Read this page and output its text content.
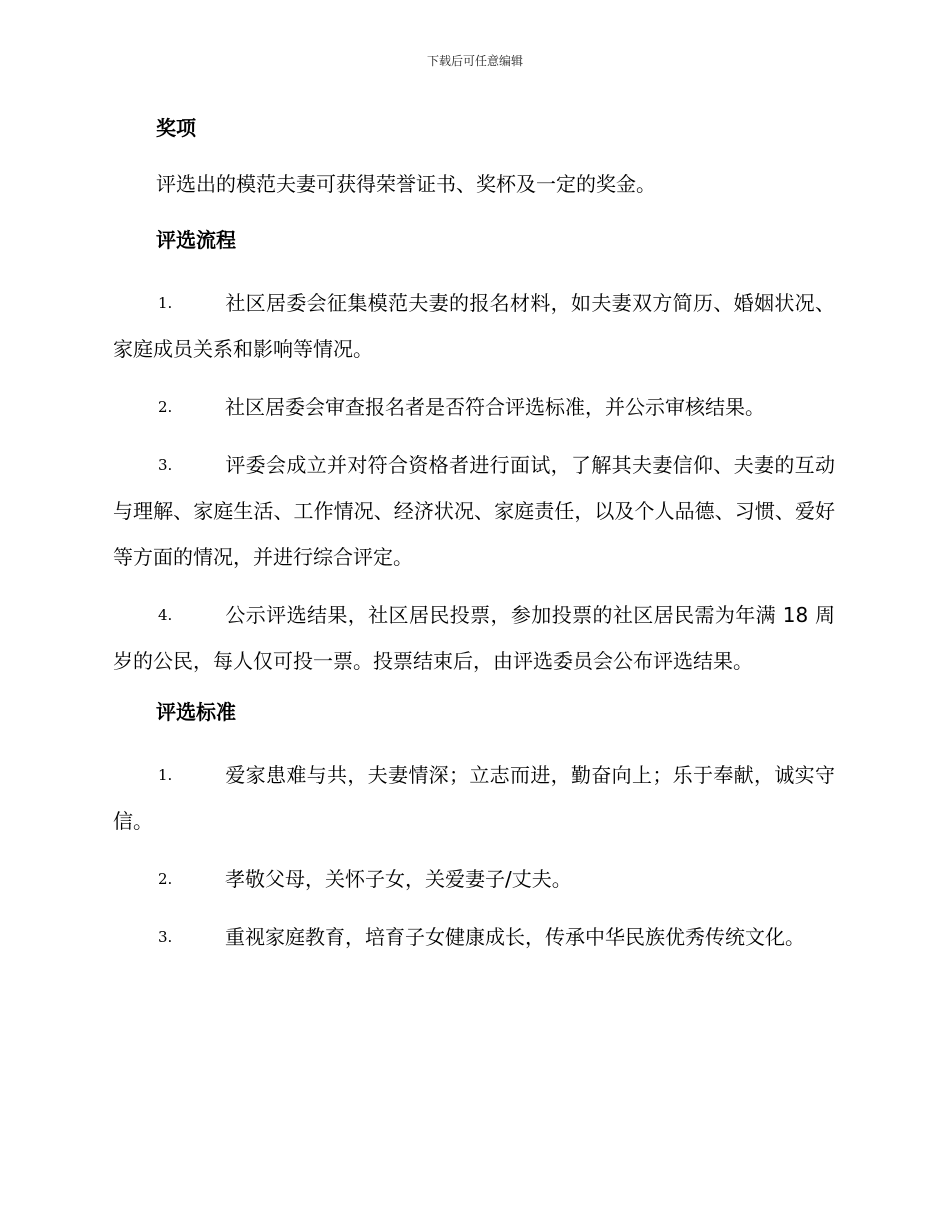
下载后可任意编辑
奖项
评选出的模范夫妻可获得荣誉证书、奖杯及一定的奖金。
评选流程
1.	社区居委会征集模范夫妻的报名材料，如夫妻双方简历、婚姻状况、家庭成员关系和影响等情况。
2.	社区居委会审查报名者是否符合评选标准，并公示审核结果。
3.	评委会成立并对符合资格者进行面试，了解其夫妻信仰、夫妻的互动与理解、家庭生活、工作情况、经济状况、家庭责任，以及个人品德、习惯、爱好等方面的情况，并进行综合评定。
4.	公示评选结果，社区居民投票，参加投票的社区居民需为年满 18 周岁的公民，每人仅可投一票。投票结束后，由评选委员会公布评选结果。
评选标准
1.	爱家患难与共，夫妻情深；立志而进，勤奋向上；乐于奉献，诚实守信。
2.	孝敬父母，关怀子女，关爱妻子/丈夫。
3.	重视家庭教育，培育子女健康成长，传承中华民族优秀传统文化。
